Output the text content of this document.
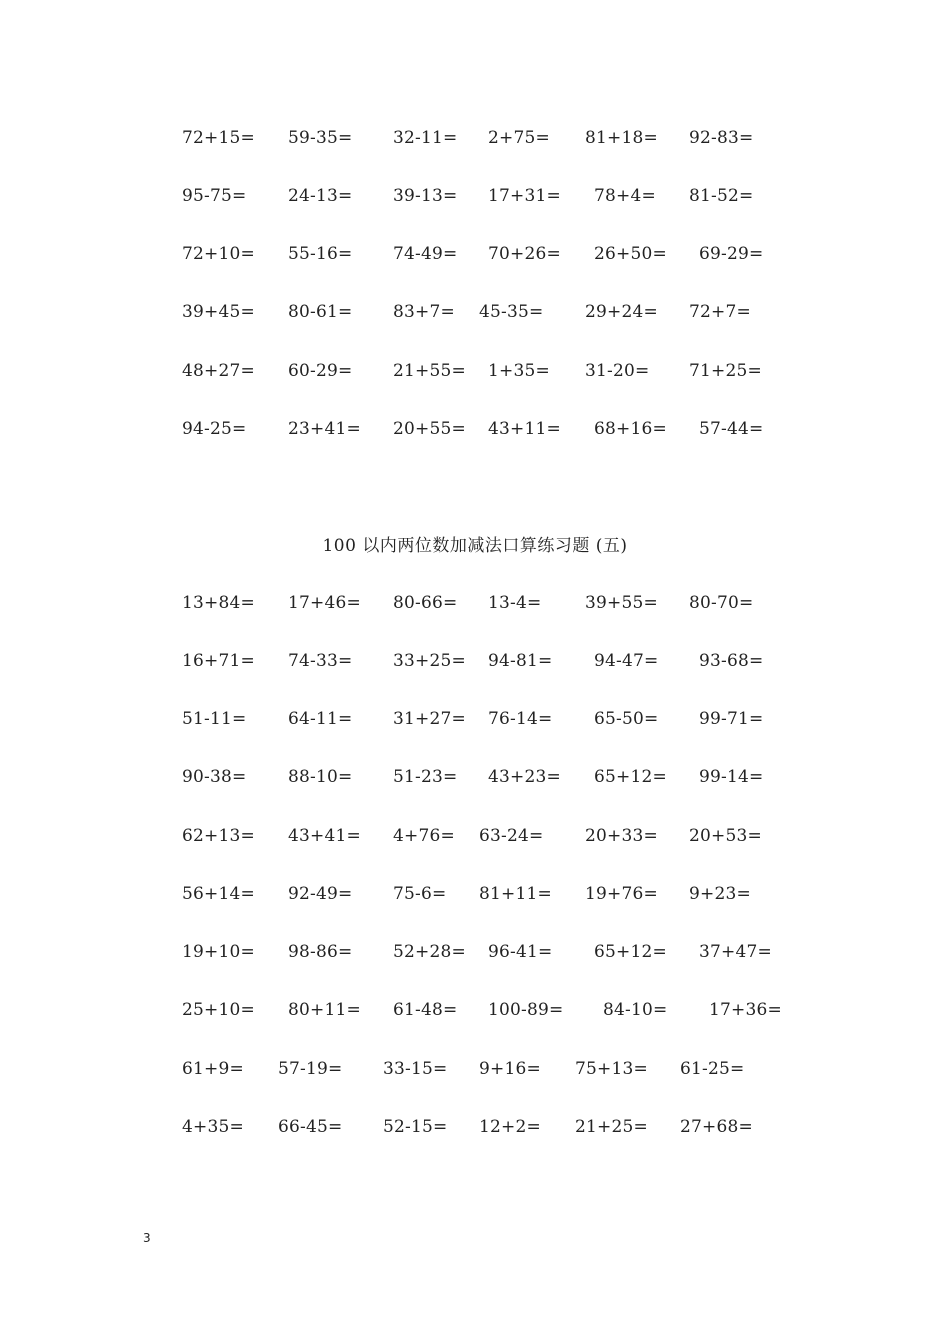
72+15= 59-35= 32-11= 2+75= 81+18= 92-83=
95-75= 24-13= 39-13= 17+31= 78+4= 81-52=
72+10= 55-16= 74-49= 70+26= 26+50= 69-29=
39+45= 80-61= 83+7= 45-35= 29+24= 72+7=
48+27= 60-29= 21+55= 1+35= 31-20= 71+25=
94-25= 23+41= 20+55= 43+11= 68+16= 57-44=
100 以内两位数加减法口算练习题 (五)
13+84= 17+46= 80-66= 13-4=	39+55= 80-70=
16+71= 74-33= 33+25= 94-81= 94-47= 93-68=
51-11= 64-11= 31+27= 76-14= 65-50= 99-71=
90-38= 88-10= 51-23= 43+23= 65+12= 99-14=
62+13= 43+41= 4+76= 63-24= 20+33= 20+53=
56+14= 92-49= 75-6= 81+11= 19+76= 9+23=
19+10= 98-86= 52+28= 96-41= 65+12= 37+47=
25+10= 80+11= 61-48= 100-89= 84-10= 17+36=
61+9= 57-19= 33-15= 9+16= 75+13= 61-25=
4+35= 66-45= 52-15= 12+2= 21+25= 27+68=
3
